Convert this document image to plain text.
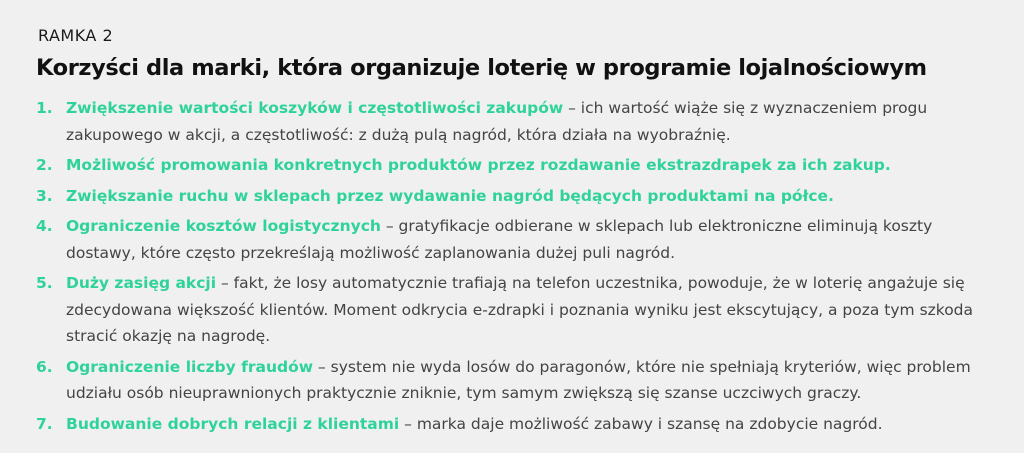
RAMKA 2
Korzyści dla marki, która organizuje loterię w programie lojalnościowym
1. Zwiększenie wartości koszyków i częstotliwości zakupów – ich wartość wiąże się z wyznaczeniem progu zakupowego w akcji, a częstotliwość: z dużą pulą nagród, która działa na wyobraźnię.
2. Możliwość promowania konkretnych produktów przez rozdawanie ekstrazdrapek za ich zakup.
3. Zwiększanie ruchu w sklepach przez wydawanie nagród będących produktami na półce.
4. Ograniczenie kosztów logistycznych – gratyfikacje odbierane w sklepach lub elektroniczne eliminują koszty dostawy, które często przekreślają możliwość zaplanowania dużej puli nagród.
5. Duży zasięg akcji – fakt, że losy automatycznie trafiają na telefon uczestnika, powoduje, że w loterię angażuje się zdecydowana większość klientów. Moment odkrycia e-zdrapki i poznania wyniku jest ekscytujący, a poza tym szkoda stracić okazję na nagrodę.
6. Ograniczenie liczby fraudów – system nie wyda losów do paragonów, które nie spełniają kryteriów, więc problem udziału osób nieuprawnionych praktycznie zniknie, tym samym zwiększą się szanse uczciwych graczy.
7. Budowanie dobrych relacji z klientami – marka daje możliwość zabawy i szansę na zdobycie nagród.
